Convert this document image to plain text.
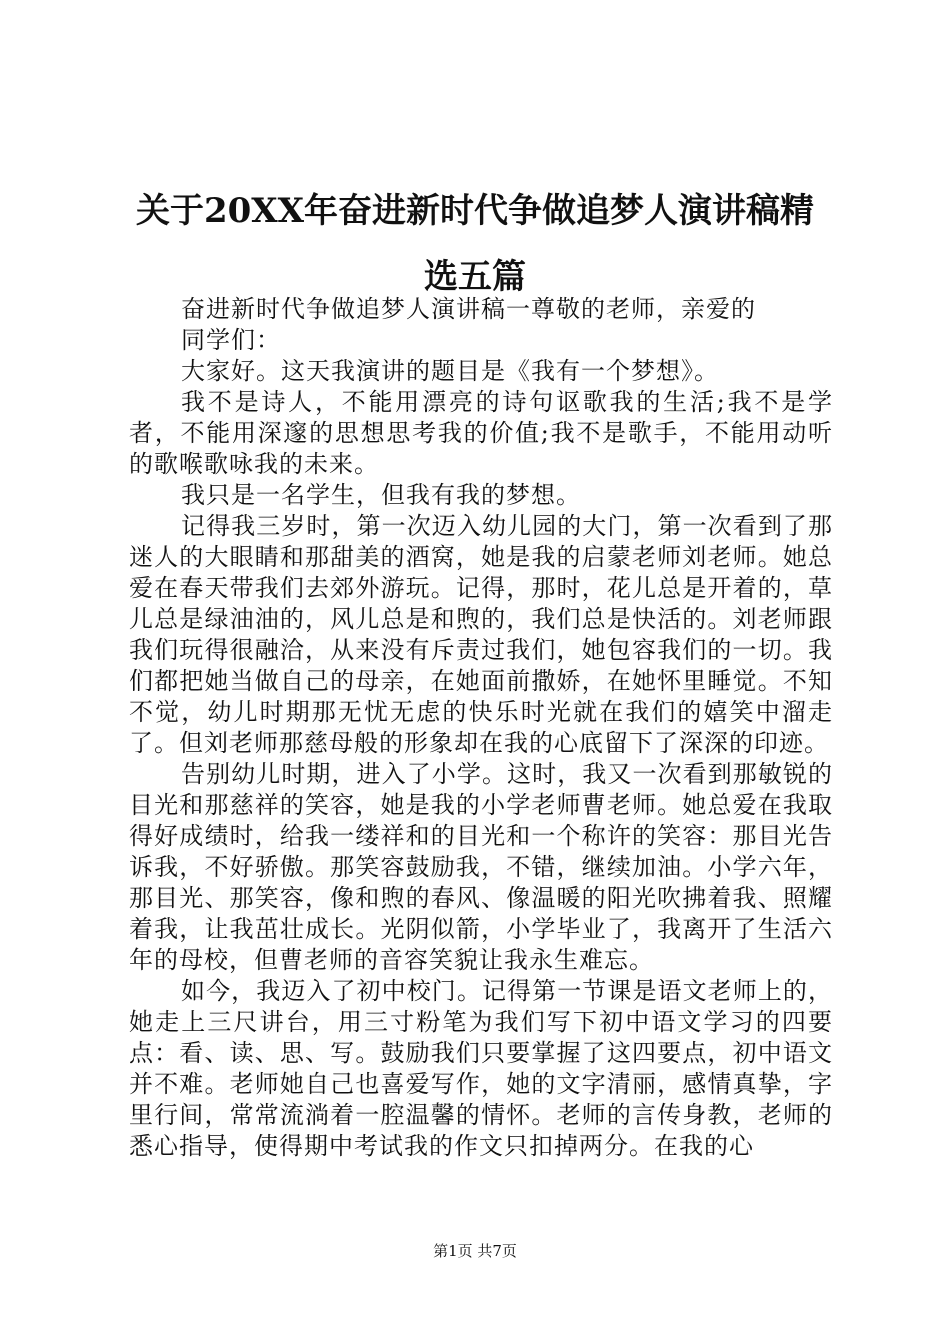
关于20XX年奋进新时代争做追梦人演讲稿精选五篇

奋进新时代争做追梦人演讲稿一尊敬的老师，亲爱的

同学们：

大家好。这天我演讲的题目是《我有一个梦想》。

我不是诗人，不能用漂亮的诗句讴歌我的生活;我不是学者，不能用深邃的思想思考我的价值;我不是歌手，不能用动听的歌喉歌咏我的未来。

我只是一名学生，但我有我的梦想。

记得我三岁时，第一次迈入幼儿园的大门，第一次看到了那迷人的大眼睛和那甜美的酒窝，她是我的启蒙老师刘老师。她总爱在春天带我们去郊外游玩。记得，那时，花儿总是开着的，草儿总是绿油油的，风儿总是和煦的，我们总是快活的。刘老师跟我们玩得很融洽，从来没有斥责过我们，她包容我们的一切。我们都把她当做自己的母亲，在她面前撒娇，在她怀里睡觉。不知不觉，幼儿时期那无忧无虑的快乐时光就在我们的嬉笑中溜走了。但刘老师那慈母般的形象却在我的心底留下了深深的印迹。

告别幼儿时期，进入了小学。这时，我又一次看到那敏锐的目光和那慈祥的笑容，她是我的小学老师曹老师。她总爱在我取得好成绩时，给我一缕祥和的目光和一个称许的笑容：那目光告诉我，不好骄傲。那笑容鼓励我，不错，继续加油。小学六年，那目光、那笑容，像和煦的春风、像温暖的阳光吹拂着我、照耀着我，让我茁壮成长。光阴似箭，小学毕业了，我离开了生活六年的母校，但曹老师的音容笑貌让我永生难忘。

如今，我迈入了初中校门。记得第一节课是语文老师上的，她走上三尺讲台，用三寸粉笔为我们写下初中语文学习的四要点：看、读、思、写。鼓励我们只要掌握了这四要点，初中语文并不难。老师她自己也喜爱写作，她的文字清丽，感情真挚，字里行间，常常流淌着一腔温馨的情怀。老师的言传身教，老师的悉心指导，使得期中考试我的作文只扣掉两分。在我的心

第1页 共7页
